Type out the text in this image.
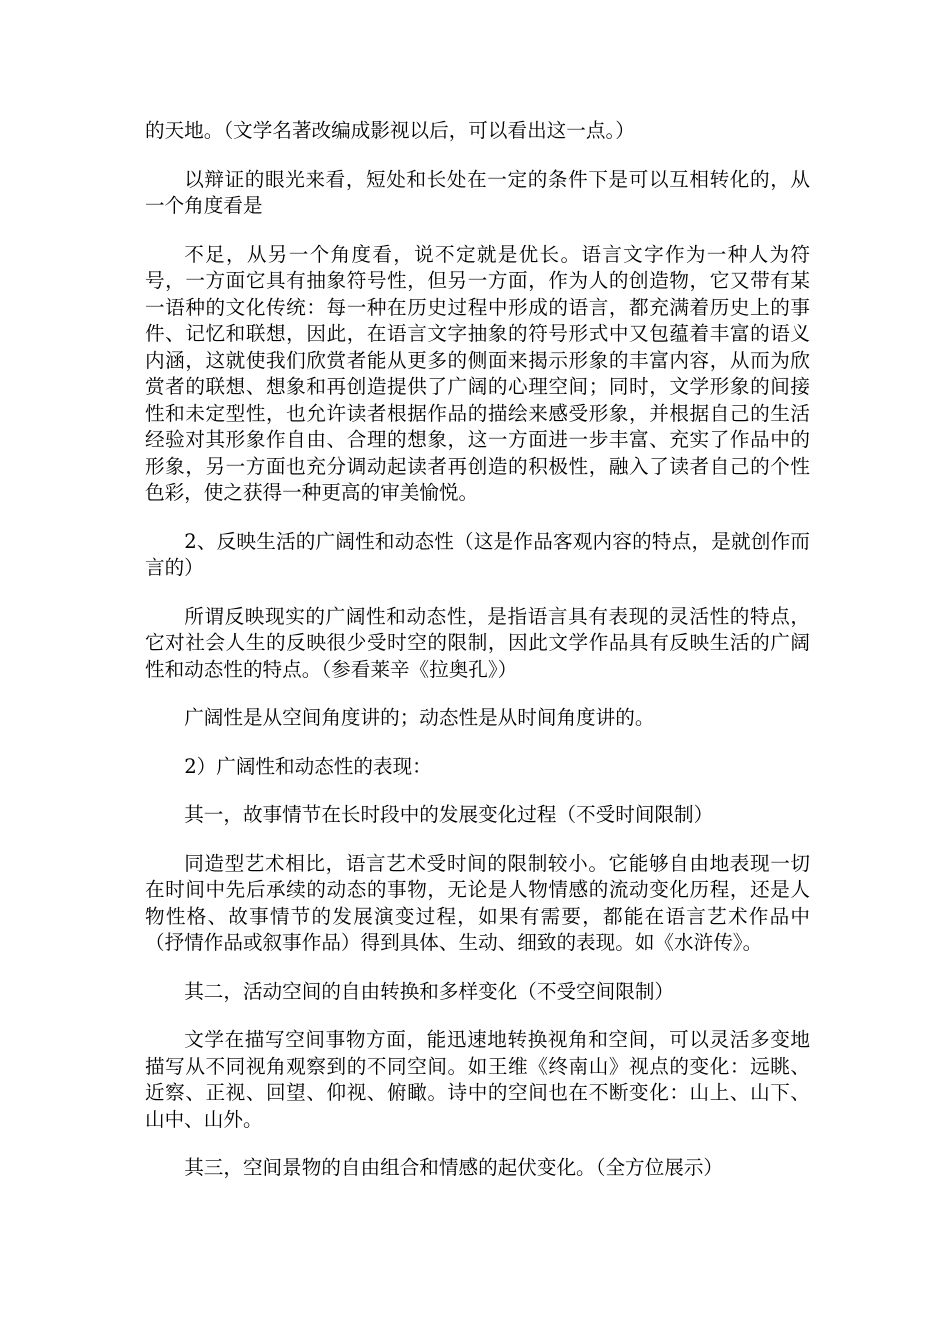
的天地。（文学名著改编成影视以后，可以看出这一点。）

以辩证的眼光来看，短处和长处在一定的条件下是可以互相转化的，从一个角度看是

不足，从另一个角度看，说不定就是优长。语言文字作为一种人为符号，一方面它具有抽象符号性，但另一方面，作为人的创造物，它又带有某一语种的文化传统：每一种在历史过程中形成的语言，都充满着历史上的事件、记忆和联想，因此，在语言文字抽象的符号形式中又包蕴着丰富的语义内涵，这就使我们欣赏者能从更多的侧面来揭示形象的丰富内容，从而为欣赏者的联想、想象和再创造提供了广阔的心理空间；同时，文学形象的间接性和未定型性，也允许读者根据作品的描绘来感受形象，并根据自己的生活经验对其形象作自由、合理的想象，这一方面进一步丰富、充实了作品中的形象，另一方面也充分调动起读者再创造的积极性，融入了读者自己的个性色彩，使之获得一种更高的审美愉悦。

2、反映生活的广阔性和动态性（这是作品客观内容的特点，是就创作而言的）

所谓反映现实的广阔性和动态性，是指语言具有表现的灵活性的特点，它对社会人生的反映很少受时空的限制，因此文学作品具有反映生活的广阔性和动态性的特点。（参看莱辛《拉奥孔》）

广阔性是从空间角度讲的；动态性是从时间角度讲的。

2）广阔性和动态性的表现：

其一，故事情节在长时段中的发展变化过程（不受时间限制）

同造型艺术相比，语言艺术受时间的限制较小。它能够自由地表现一切在时间中先后承续的动态的事物，无论是人物情感的流动变化历程，还是人物性格、故事情节的发展演变过程，如果有需要，都能在语言艺术作品中（抒情作品或叙事作品）得到具体、生动、细致的表现。如《水浒传》。

其二，活动空间的自由转换和多样变化（不受空间限制）

文学在描写空间事物方面，能迅速地转换视角和空间，可以灵活多变地描写从不同视角观察到的不同空间。如王维《终南山》视点的变化：远眺、近察、正视、回望、仰视、俯瞰。诗中的空间也在不断变化：山上、山下、山中、山外。

其三，空间景物的自由组合和情感的起伏变化。（全方位展示）
